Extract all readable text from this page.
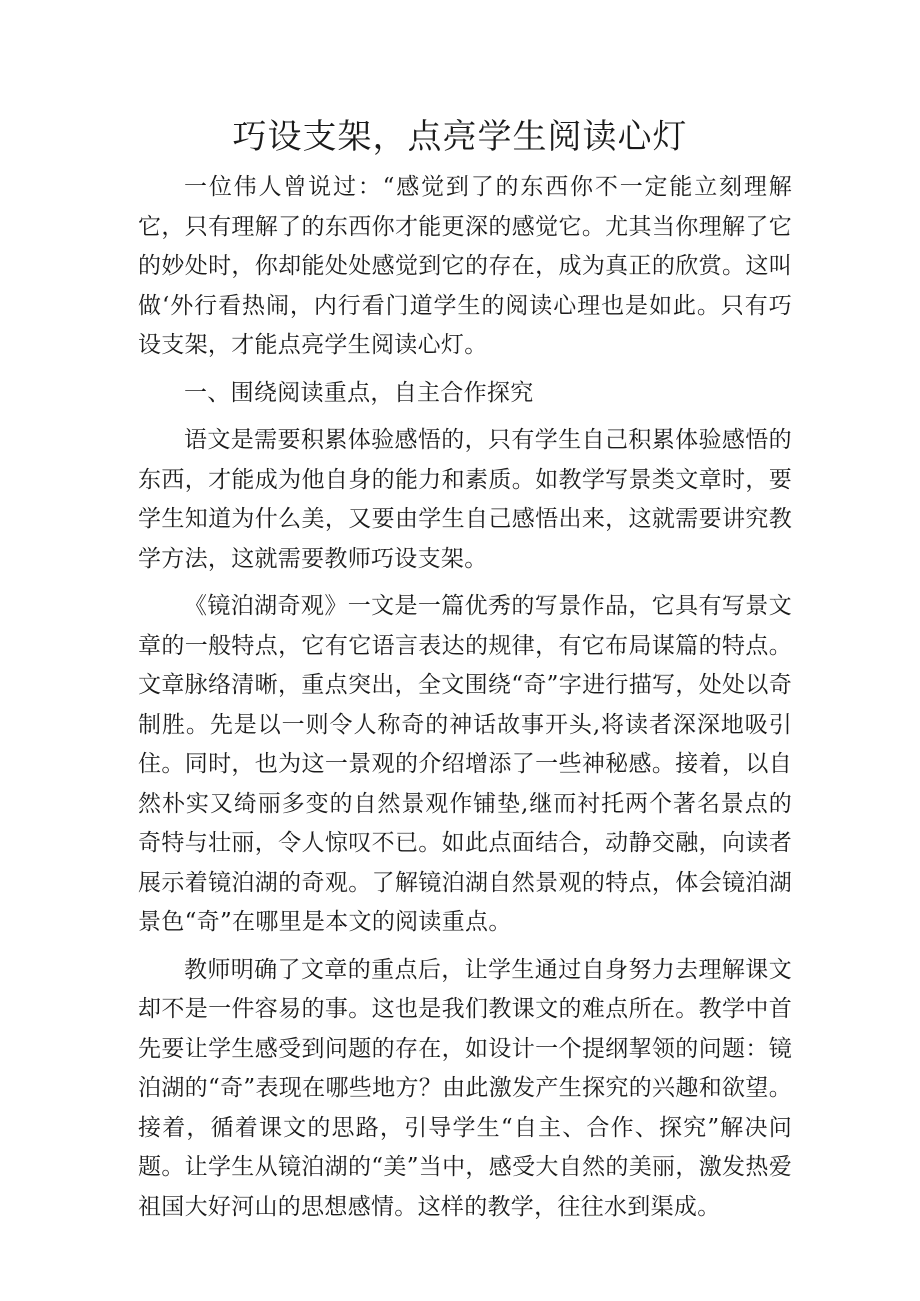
巧设支架，点亮学生阅读心灯

一位伟人曾说过：“感觉到了的东西你不一定能立刻理解它，只有理解了的东西你才能更深的感觉它。尤其当你理解了它的妙处时，你却能处处感觉到它的存在，成为真正的欣赏。这叫做‘外行看热闹，内行看门道学生的阅读心理也是如此。只有巧设支架，才能点亮学生阅读心灯。

一、围绕阅读重点，自主合作探究

语文是需要积累体验感悟的，只有学生自己积累体验感悟的东西，才能成为他自身的能力和素质。如教学写景类文章时，要学生知道为什么美，又要由学生自己感悟出来，这就需要讲究教学方法，这就需要教师巧设支架。

《镜泊湖奇观》一文是一篇优秀的写景作品，它具有写景文章的一般特点，它有它语言表达的规律，有它布局谋篇的特点。文章脉络清晰，重点突出，全文围绕“奇”字进行描写，处处以奇制胜。先是以一则令人称奇的神话故事开头,将读者深深地吸引住。同时，也为这一景观的介绍增添了一些神秘感。接着，以自然朴实又绮丽多变的自然景观作铺垫,继而衬托两个著名景点的奇特与壮丽，令人惊叹不已。如此点面结合，动静交融，向读者展示着镜泊湖的奇观。了解镜泊湖自然景观的特点，体会镜泊湖景色“奇”在哪里是本文的阅读重点。

教师明确了文章的重点后，让学生通过自身努力去理解课文却不是一件容易的事。这也是我们教课文的难点所在。教学中首先要让学生感受到问题的存在，如设计一个提纲挈领的问题：镜泊湖的“奇”表现在哪些地方？由此激发产生探究的兴趣和欲望。接着，循着课文的思路，引导学生“自主、合作、探究”解决问题。让学生从镜泊湖的“美”当中，感受大自然的美丽，激发热爱祖国大好河山的思想感情。这样的教学，往往水到渠成。
